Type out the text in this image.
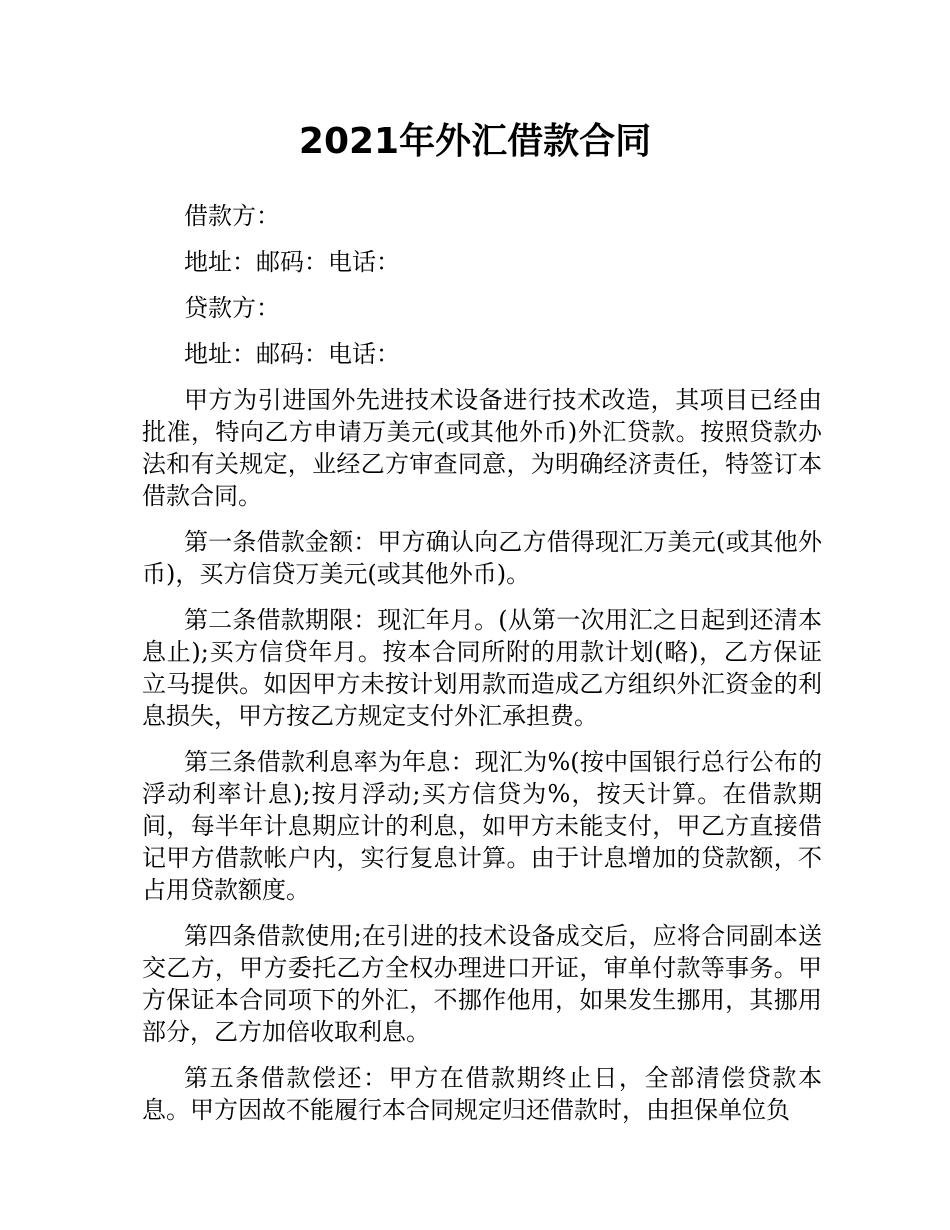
2021年外汇借款合同

借款方：

地址：邮码：电话：

贷款方：

地址：邮码：电话：

甲方为引进国外先进技术设备进行技术改造，其项目已经由批准，特向乙方申请万美元(或其他外币)外汇贷款。按照贷款办法和有关规定，业经乙方审查同意，为明确经济责任，特签订本借款合同。

第一条借款金额：甲方确认向乙方借得现汇万美元(或其他外币)，买方信贷万美元(或其他外币)。

第二条借款期限：现汇年月。(从第一次用汇之日起到还清本息止);买方信贷年月。按本合同所附的用款计划(略)，乙方保证立马提供。如因甲方未按计划用款而造成乙方组织外汇资金的利息损失，甲方按乙方规定支付外汇承担费。

第三条借款利息率为年息：现汇为%(按中国银行总行公布的浮动利率计息);按月浮动;买方信贷为%，按天计算。在借款期间，每半年计息期应计的利息，如甲方未能支付，甲乙方直接借记甲方借款帐户内，实行复息计算。由于计息增加的贷款额，不占用贷款额度。

第四条借款使用;在引进的技术设备成交后，应将合同副本送交乙方，甲方委托乙方全权办理进口开证，审单付款等事务。甲方保证本合同项下的外汇，不挪作他用，如果发生挪用，其挪用部分，乙方加倍收取利息。

第五条借款偿还：甲方在借款期终止日，全部清偿贷款本息。甲方因故不能履行本合同规定归还借款时，由担保单位负
